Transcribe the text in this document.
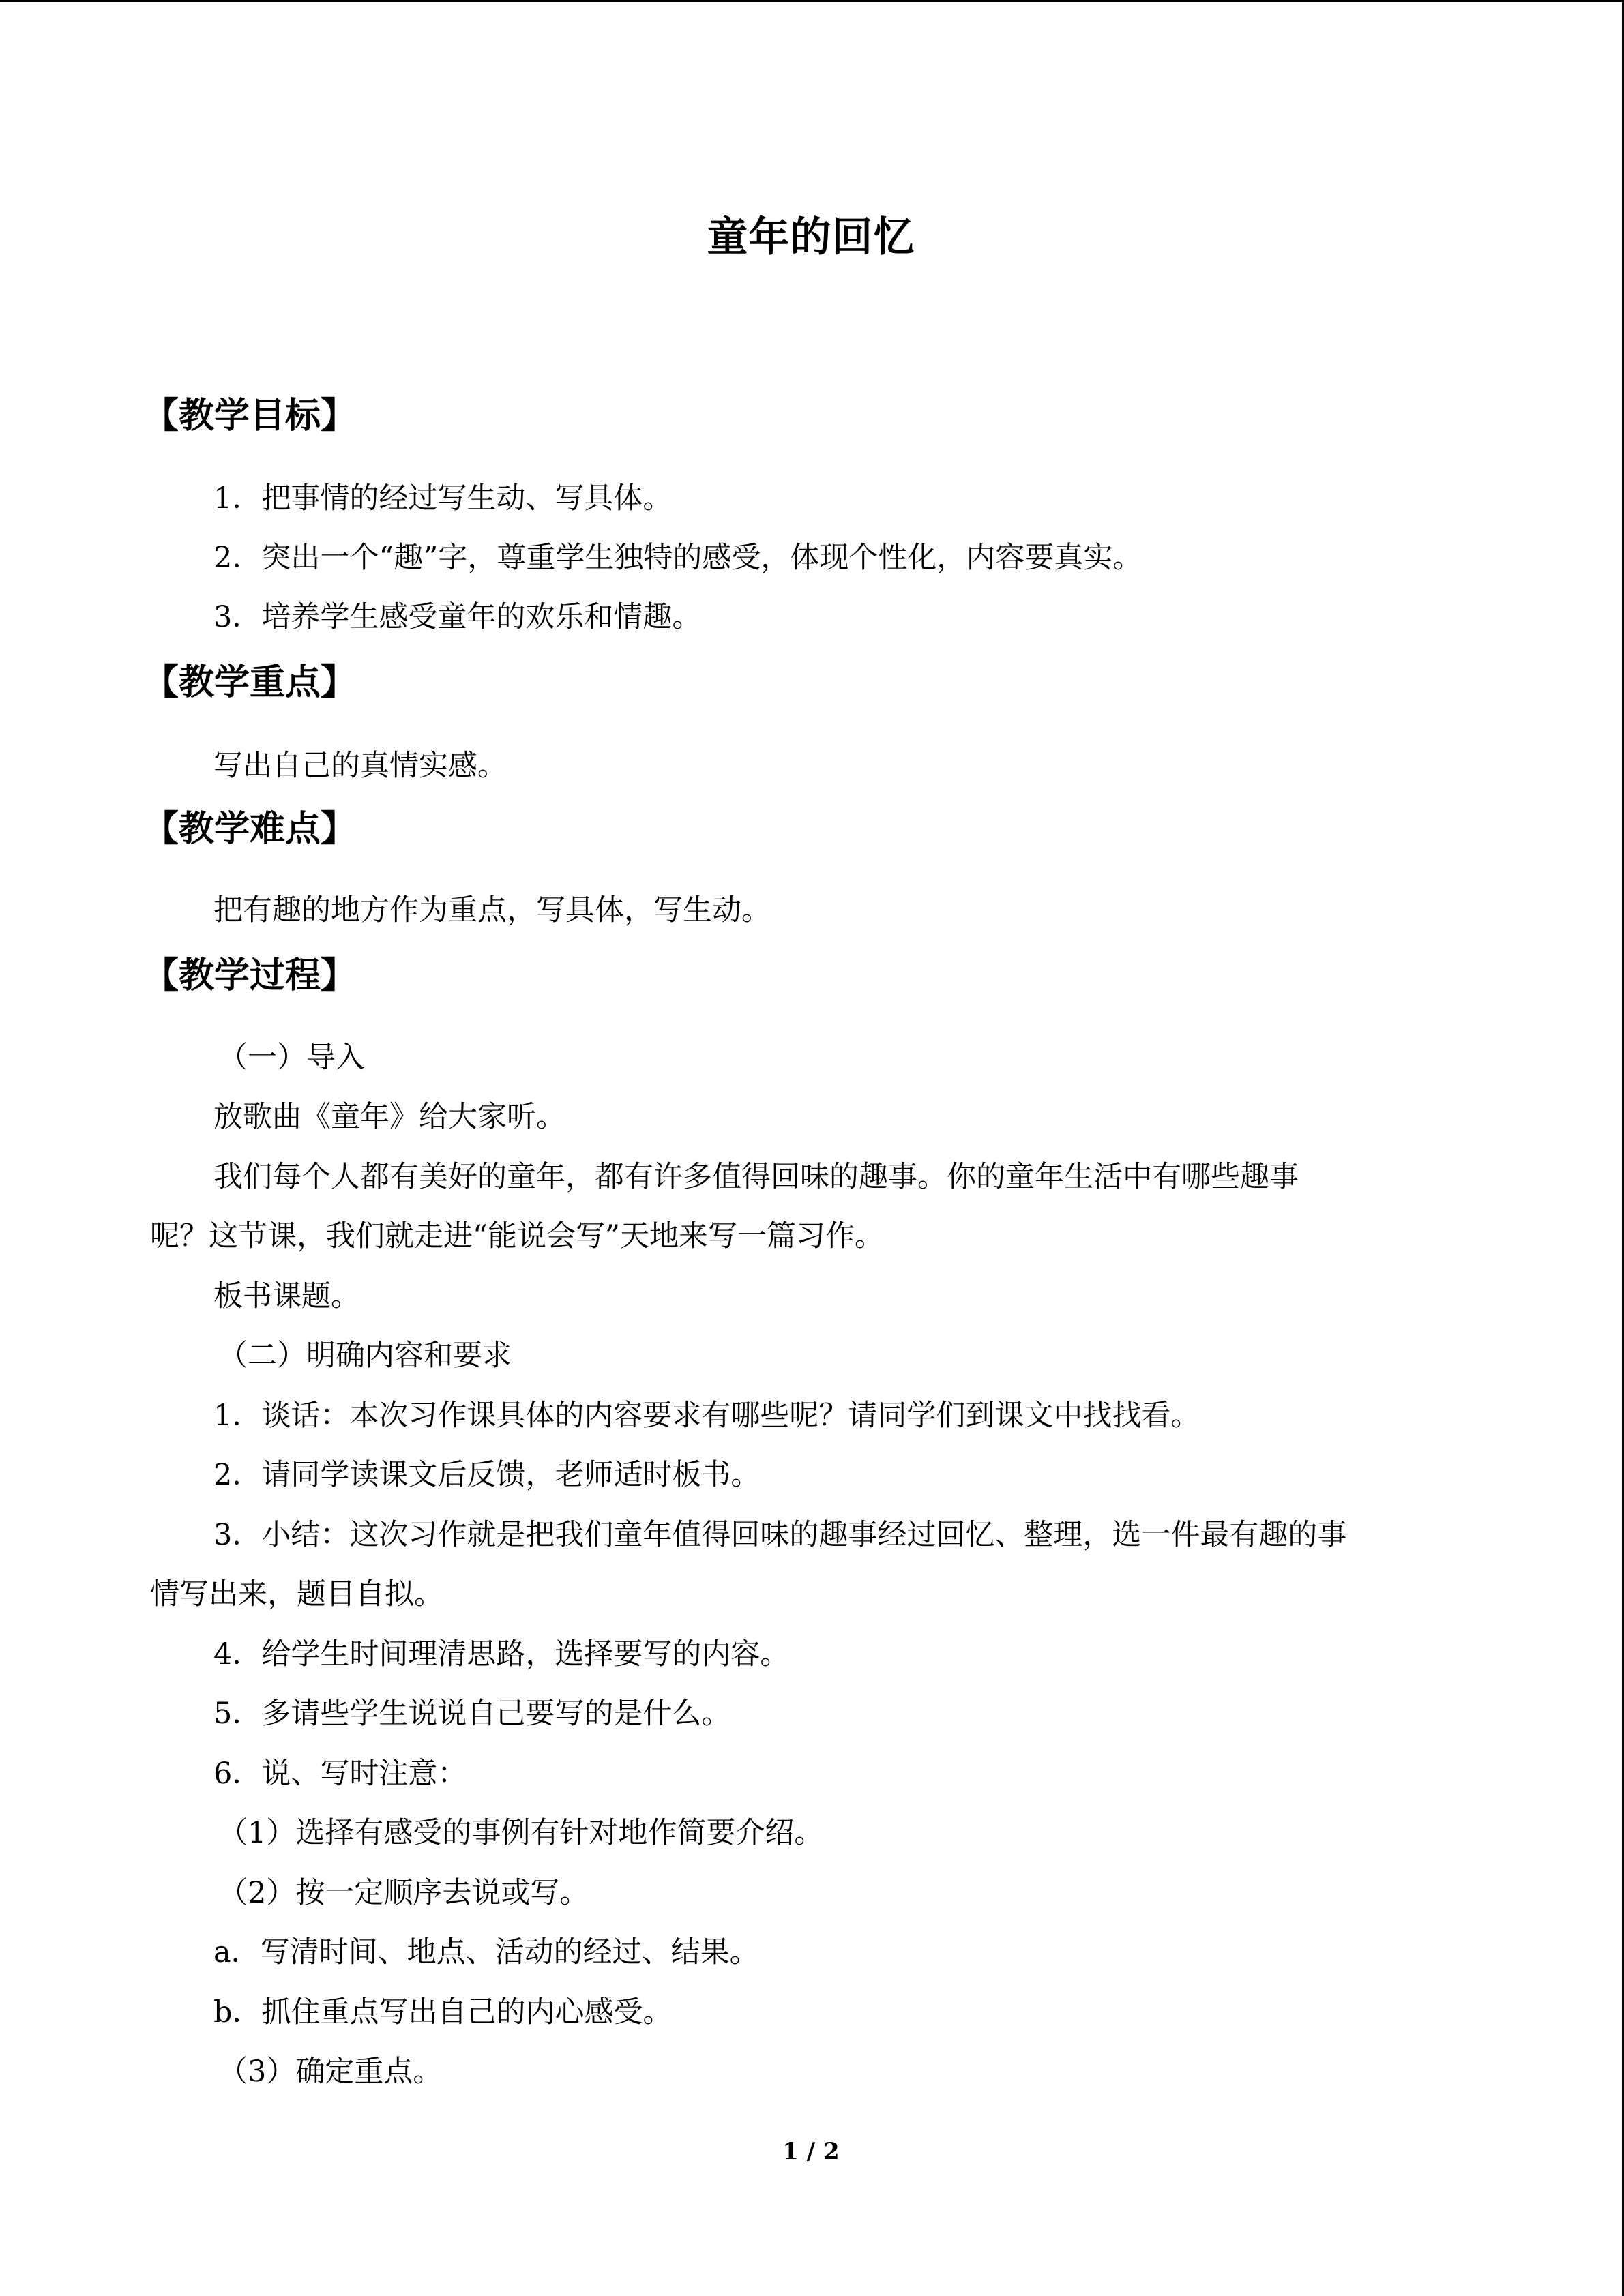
童年的回忆
【教学目标】
1．把事情的经过写生动、写具体。
2．突出一个“趣”字，尊重学生独特的感受，体现个性化，内容要真实。
3．培养学生感受童年的欢乐和情趣。
【教学重点】
写出自己的真情实感。
【教学难点】
把有趣的地方作为重点，写具体，写生动。
【教学过程】
（一）导入
放歌曲《童年》给大家听。
我们每个人都有美好的童年，都有许多值得回味的趣事。你的童年生活中有哪些趣事
呢？这节课，我们就走进“能说会写”天地来写一篇习作。
板书课题。
（二）明确内容和要求
1．谈话：本次习作课具体的内容要求有哪些呢？请同学们到课文中找找看。
2．请同学读课文后反馈，老师适时板书。
3．小结：这次习作就是把我们童年值得回味的趣事经过回忆、整理，选一件最有趣的事
情写出来，题目自拟。
4．给学生时间理清思路，选择要写的内容。
5．多请些学生说说自己要写的是什么。
6．说、写时注意：
（1）选择有感受的事例有针对地作简要介绍。
（2）按一定顺序去说或写。
a．写清时间、地点、活动的经过、结果。
b．抓住重点写出自己的内心感受。
（3）确定重点。
1 / 2
